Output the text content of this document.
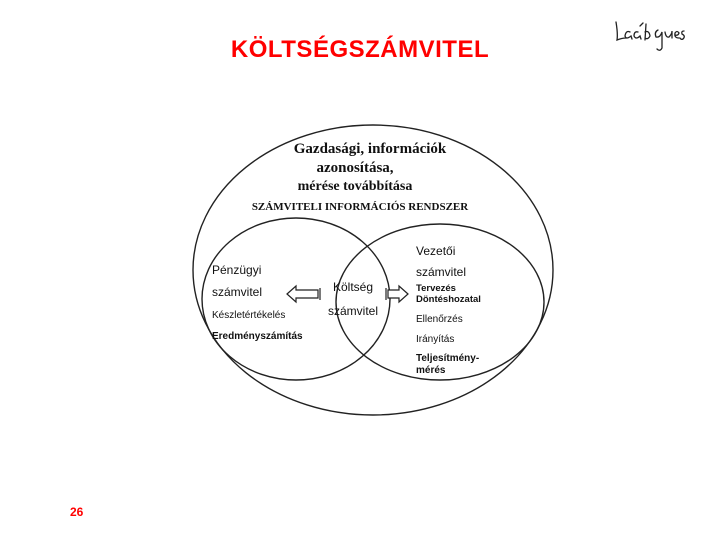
KÖLTSÉGSZÁMVITEL
Gazdasági, információk
azonosítása,
mérése továbbítása
SZÁMVITELI INFORMÁCIÓS RENDSZER
Pénzügyi
számvitel
Készletértékelés
Eredményszámítás
Költség
számvitel
Vezetői
számvitel
Tervezés
Döntéshozatal
Ellenőrzés
Irányítás
Teljesítmény-
mérés
26
